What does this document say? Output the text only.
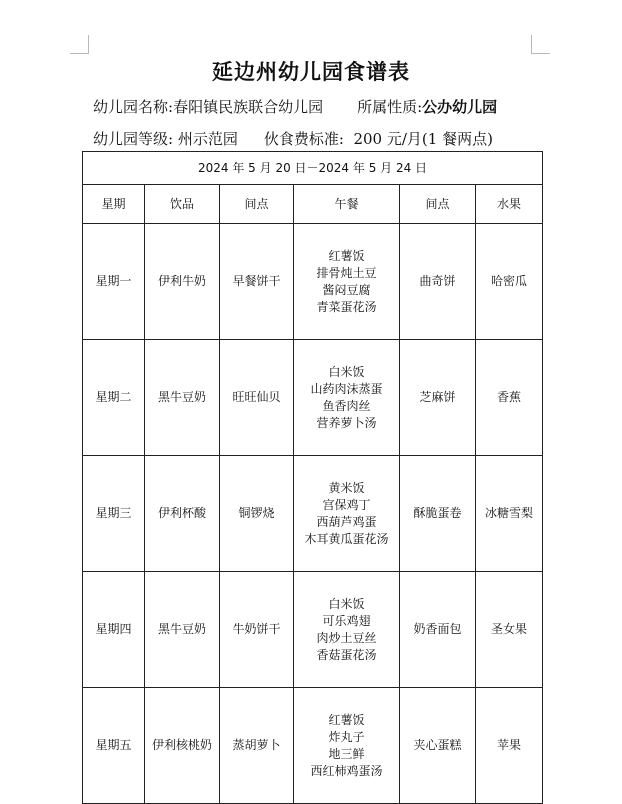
延边州幼儿园食谱表
幼儿园名称:春阳镇民族联合幼儿园 所属性质:公办幼儿园
幼儿园等级: 州示范园 伙食费标准: 200 元/月(1 餐两点)
2024 年 5 月 20 日－2024 年 5 月 24 日					
星期	饮品	间点	午餐	间点	水果
星期一	伊利牛奶	早餐饼干	红薯饭
排骨炖土豆
酱闷豆腐
青菜蛋花汤	曲奇饼	哈密瓜
星期二	黑牛豆奶	旺旺仙贝	白米饭
山药肉沫蒸蛋
鱼香肉丝
营养萝卜汤	芝麻饼	香蕉
星期三	伊利杯酸	铜锣烧	黄米饭
宫保鸡丁
西葫芦鸡蛋
木耳黄瓜蛋花汤	酥脆蛋卷	冰糖雪梨
星期四	黑牛豆奶	牛奶饼干	白米饭
可乐鸡翅
肉炒土豆丝
香菇蛋花汤	奶香面包	圣女果
星期五	伊利核桃奶	蒸胡萝卜	红薯饭
炸丸子
地三鲜
西红柿鸡蛋汤	夹心蛋糕	苹果
